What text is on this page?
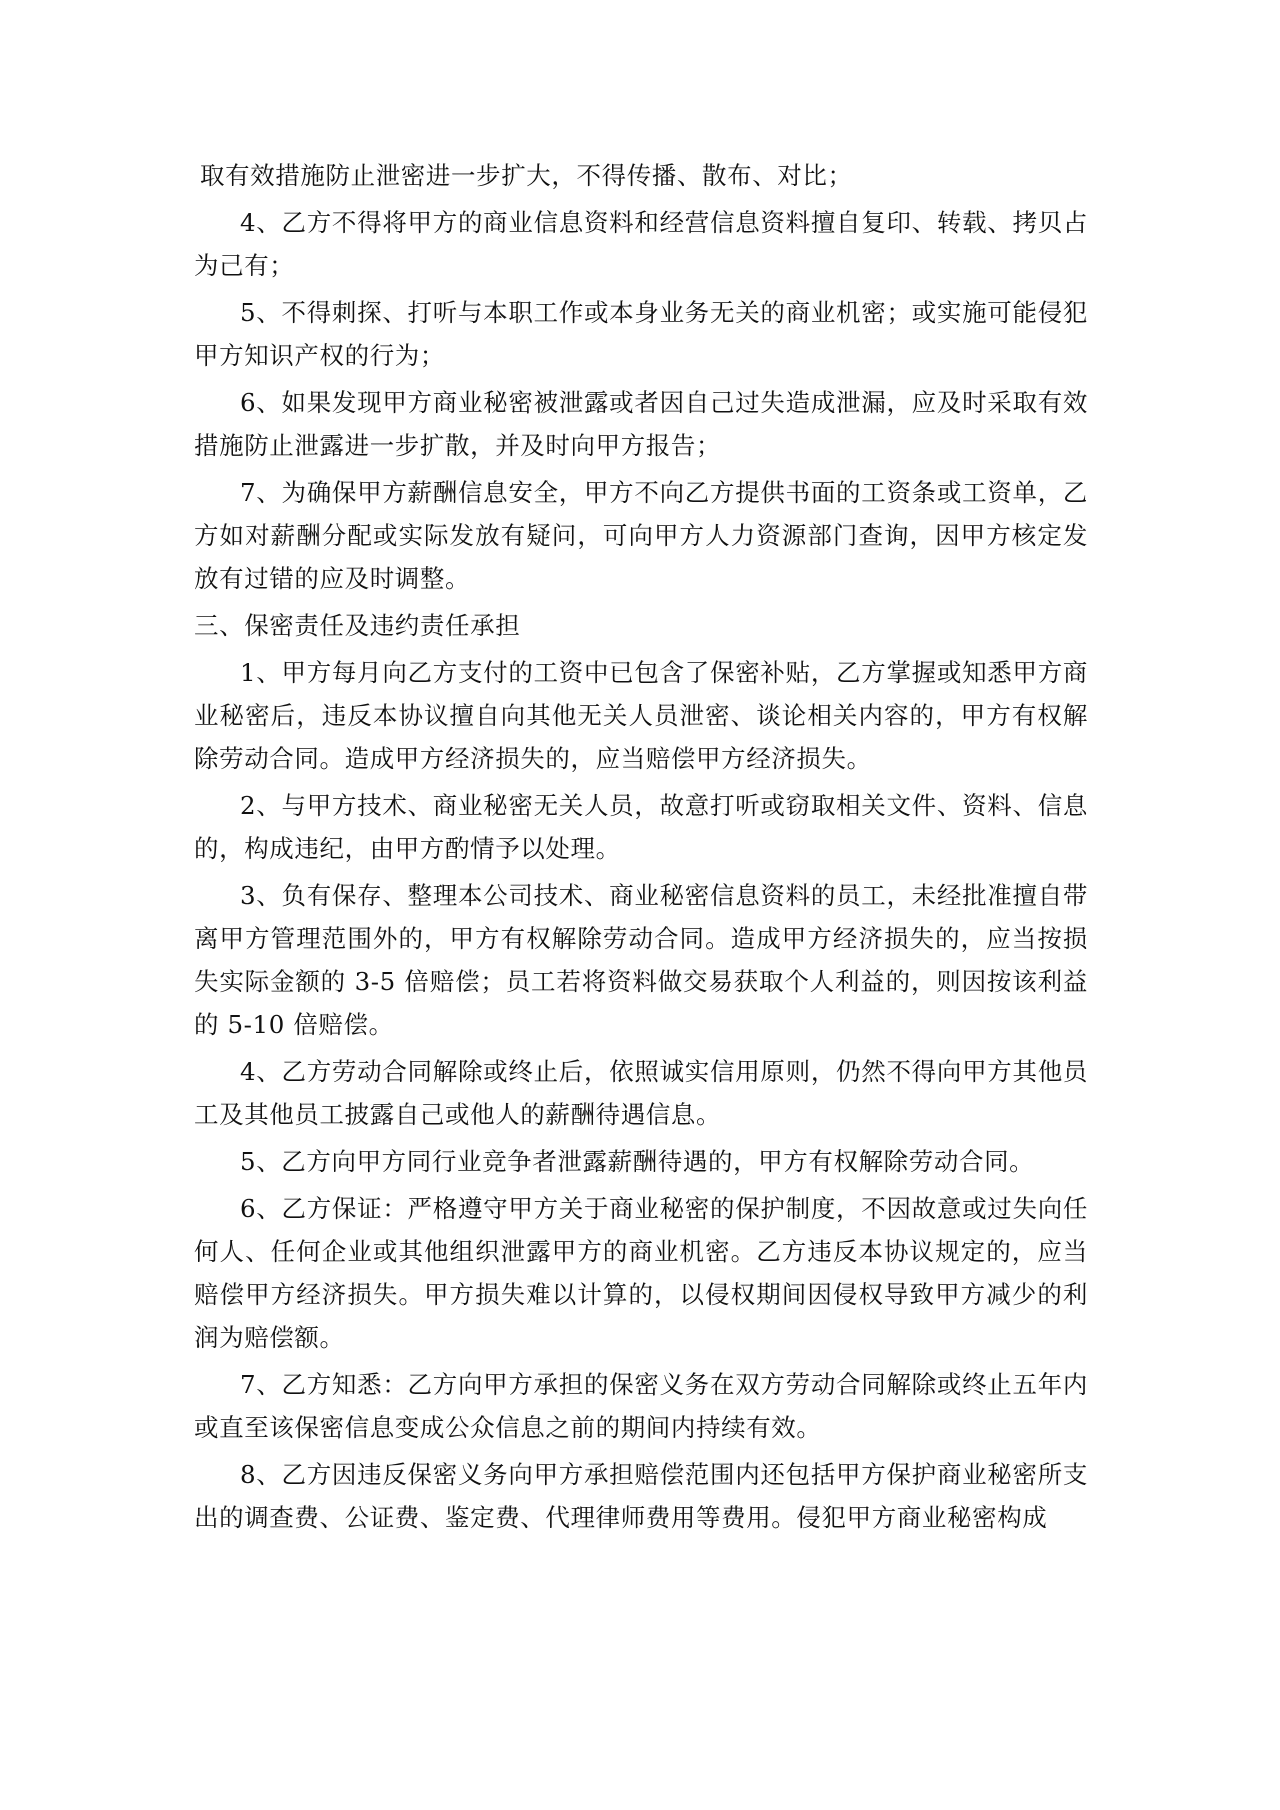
取有效措施防止泄密进一步扩大，不得传播、散布、对比；

4、乙方不得将甲方的商业信息资料和经营信息资料擅自复印、转载、拷贝占为己有；

5、不得刺探、打听与本职工作或本身业务无关的商业机密；或实施可能侵犯甲方知识产权的行为；

6、如果发现甲方商业秘密被泄露或者因自己过失造成泄漏，应及时采取有效措施防止泄露进一步扩散，并及时向甲方报告；

7、为确保甲方薪酬信息安全，甲方不向乙方提供书面的工资条或工资单，乙方如对薪酬分配或实际发放有疑问，可向甲方人力资源部门查询，因甲方核定发放有过错的应及时调整。

三、保密责任及违约责任承担

1、甲方每月向乙方支付的工资中已包含了保密补贴，乙方掌握或知悉甲方商业秘密后，违反本协议擅自向其他无关人员泄密、谈论相关内容的，甲方有权解除劳动合同。造成甲方经济损失的，应当赔偿甲方经济损失。

2、与甲方技术、商业秘密无关人员，故意打听或窃取相关文件、资料、信息的，构成违纪，由甲方酌情予以处理。

3、负有保存、整理本公司技术、商业秘密信息资料的员工，未经批准擅自带离甲方管理范围外的，甲方有权解除劳动合同。造成甲方经济损失的，应当按损失实际金额的 3-5 倍赔偿；员工若将资料做交易获取个人利益的，则因按该利益的 5-10 倍赔偿。

4、乙方劳动合同解除或终止后，依照诚实信用原则，仍然不得向甲方其他员工及其他员工披露自己或他人的薪酬待遇信息。

5、乙方向甲方同行业竞争者泄露薪酬待遇的，甲方有权解除劳动合同。

6、乙方保证：严格遵守甲方关于商业秘密的保护制度，不因故意或过失向任何人、任何企业或其他组织泄露甲方的商业机密。乙方违反本协议规定的，应当赔偿甲方经济损失。甲方损失难以计算的，以侵权期间因侵权导致甲方减少的利润为赔偿额。

7、乙方知悉：乙方向甲方承担的保密义务在双方劳动合同解除或终止五年内或直至该保密信息变成公众信息之前的期间内持续有效。

8、乙方因违反保密义务向甲方承担赔偿范围内还包括甲方保护商业秘密所支出的调查费、公证费、鉴定费、代理律师费用等费用。侵犯甲方商业秘密构成
